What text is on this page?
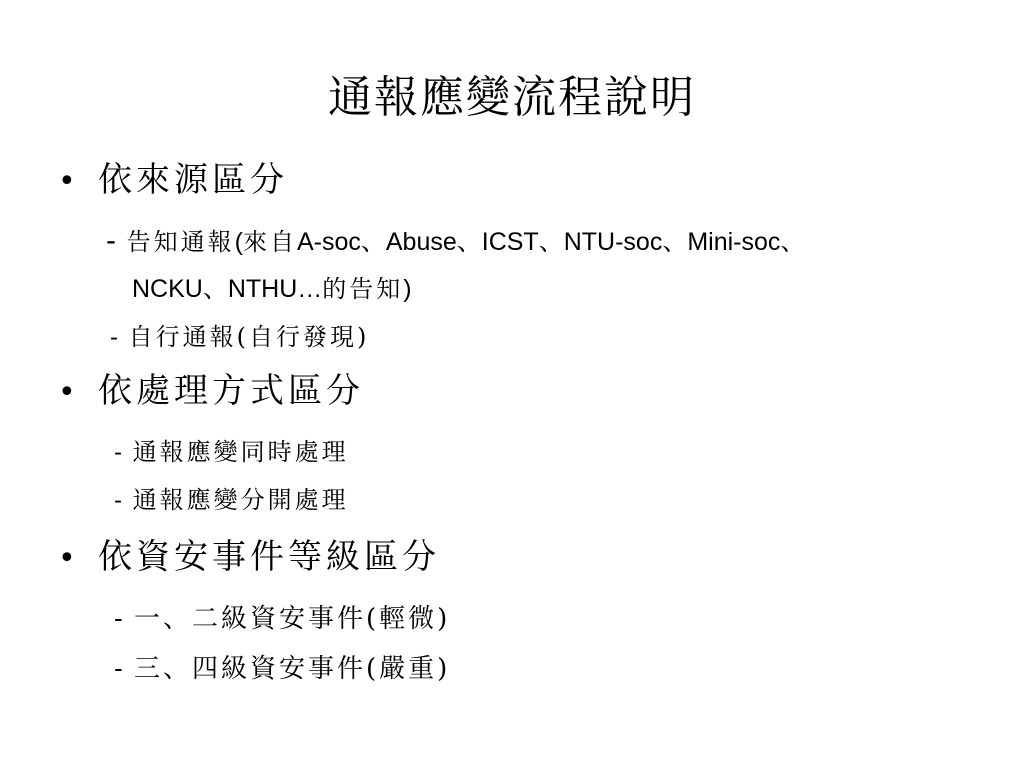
通報應變流程說明
• 依來源區分
- 告知通報(來自A-soc、Abuse、ICST、NTU-soc、Mini-soc、
NCKU、NTHU…的告知)
- 自行通報(自行發現)
• 依處理方式區分
- 通報應變同時處理
- 通報應變分開處理
• 依資安事件等級區分
- 一、二級資安事件(輕微)
- 三、四級資安事件(嚴重)
